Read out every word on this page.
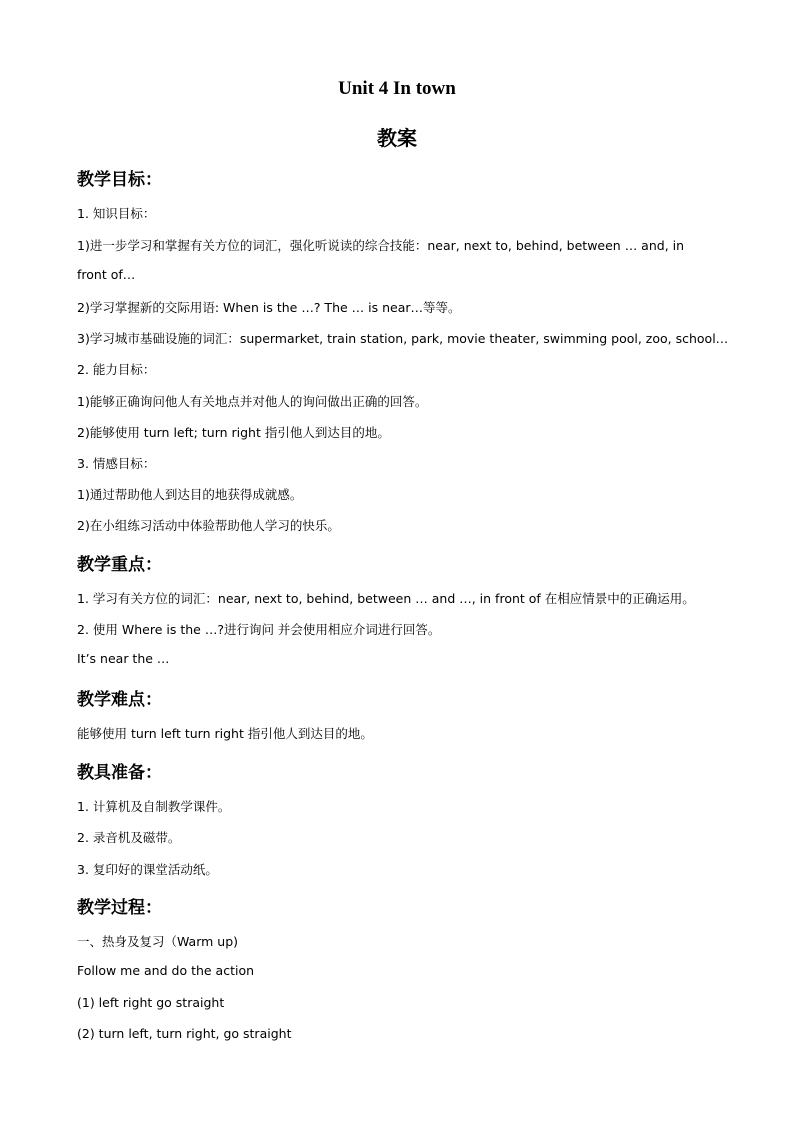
Unit 4 In town
教案
教学目标：
1. 知识目标：
1)进一步学习和掌握有关方位的词汇，强化听说读的综合技能：near, next to, behind, between … and, in
front of…
2)学习掌握新的交际用语: When is the …? The … is near…等等。
3)学习城市基础设施的词汇：supermarket, train station, park, movie theater, swimming pool, zoo, school…
2. 能力目标：
1)能够正确询问他人有关地点并对他人的询问做出正确的回答。
2)能够使用 turn left; turn right 指引他人到达目的地。
3. 情感目标：
1)通过帮助他人到达目的地获得成就感。
2)在小组练习活动中体验帮助他人学习的快乐。
教学重点：
1. 学习有关方位的词汇：near, next to, behind, between … and …, in front of 在相应情景中的正确运用。
2. 使用 Where is the …?进行询问 并会使用相应介词进行回答。
It’s near the …
教学难点：
能够使用 turn left turn right 指引他人到达目的地。
教具准备：
1. 计算机及自制教学课件。
2. 录音机及磁带。
3. 复印好的课堂活动纸。
教学过程：
一、热身及复习（Warm up)
Follow me and do the action
(1) left right go straight
(2) turn left, turn right, go straight
